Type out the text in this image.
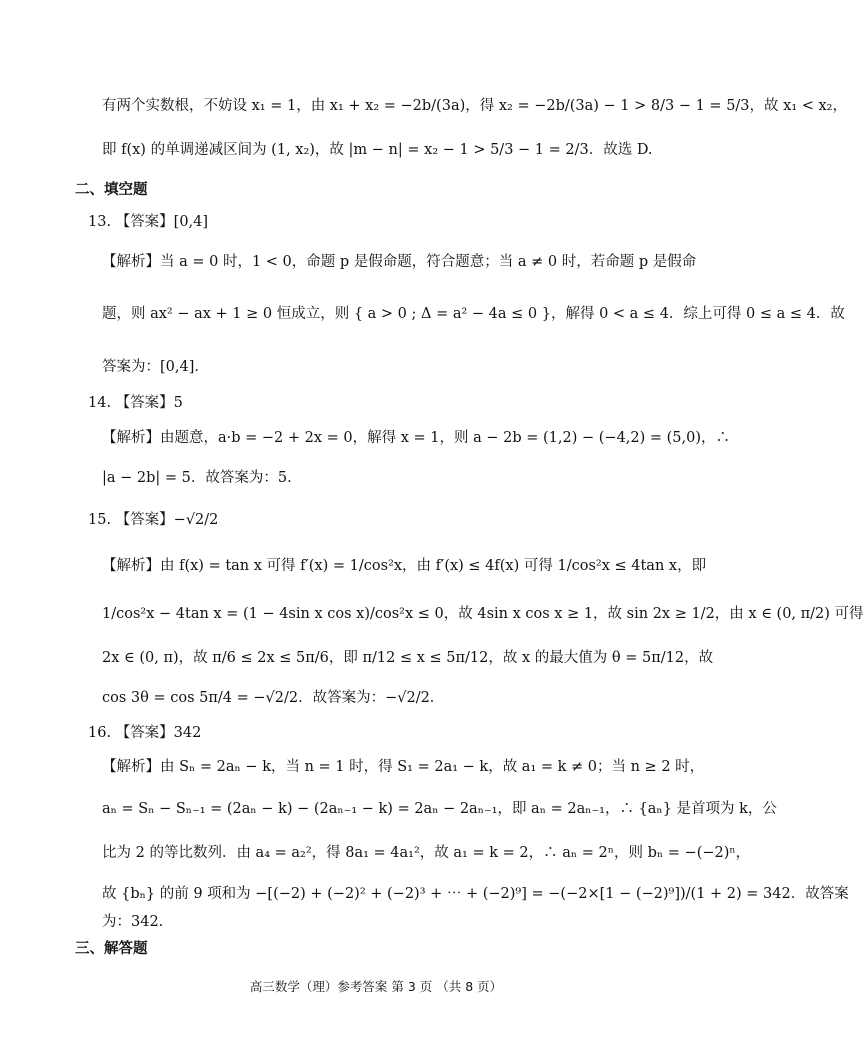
有两个实数根，不妨设 x₁ = 1，由 x₁ + x₂ = −2b/(3a)，得 x₂ = −2b/(3a) − 1 > 8/3 − 1 = 5/3，故 x₁ < x₂，
即 f(x) 的单调递减区间为 (1, x₂)，故 |m − n| = x₂ − 1 > 5/3 − 1 = 2/3．故选 D.
二、填空题
13. 【答案】[0,4]
【解析】当 a = 0 时，1 < 0，命题 p 是假命题，符合题意；当 a ≠ 0 时，若命题 p 是假命
题，则 ax² − ax + 1 ≥ 0 恒成立，则 { a > 0 ; Δ = a² − 4a ≤ 0 }，解得 0 < a ≤ 4．综上可得 0 ≤ a ≤ 4．故
答案为：[0,4]．
14. 【答案】5
【解析】由题意，a·b = −2 + 2x = 0，解得 x = 1，则 a − 2b = (1,2) − (−4,2) = (5,0)，∴
|a − 2b| = 5．故答案为：5.
15. 【答案】−√2/2
【解析】由 f(x) = tan x 可得 f′(x) = 1/cos²x，由 f′(x) ≤ 4f(x) 可得 1/cos²x ≤ 4tan x，即
1/cos²x − 4tan x = (1 − 4sin x cos x)/cos²x ≤ 0，故 4sin x cos x ≥ 1，故 sin 2x ≥ 1/2，由 x ∈ (0, π/2) 可得
2x ∈ (0, π)，故 π/6 ≤ 2x ≤ 5π/6，即 π/12 ≤ x ≤ 5π/12，故 x 的最大值为 θ = 5π/12，故
cos 3θ = cos 5π/4 = −√2/2．故答案为：−√2/2．
16. 【答案】342
【解析】由 Sₙ = 2aₙ − k，当 n = 1 时，得 S₁ = 2a₁ − k，故 a₁ = k ≠ 0；当 n ≥ 2 时，
aₙ = Sₙ − Sₙ₋₁ = (2aₙ − k) − (2aₙ₋₁ − k) = 2aₙ − 2aₙ₋₁，即 aₙ = 2aₙ₋₁，∴ {aₙ} 是首项为 k，公
比为 2 的等比数列．由 a₄ = a₂²，得 8a₁ = 4a₁²，故 a₁ = k = 2，∴ aₙ = 2ⁿ，则 bₙ = −(−2)ⁿ，
故 {bₙ} 的前 9 项和为 −[(−2) + (−2)² + (−2)³ + ⋯ + (−2)⁹] = −(−2×[1 − (−2)⁹])/(1 + 2) = 342．故答案
为：342.
三、解答题
高三数学（理）参考答案 第 3 页 （共 8 页）
